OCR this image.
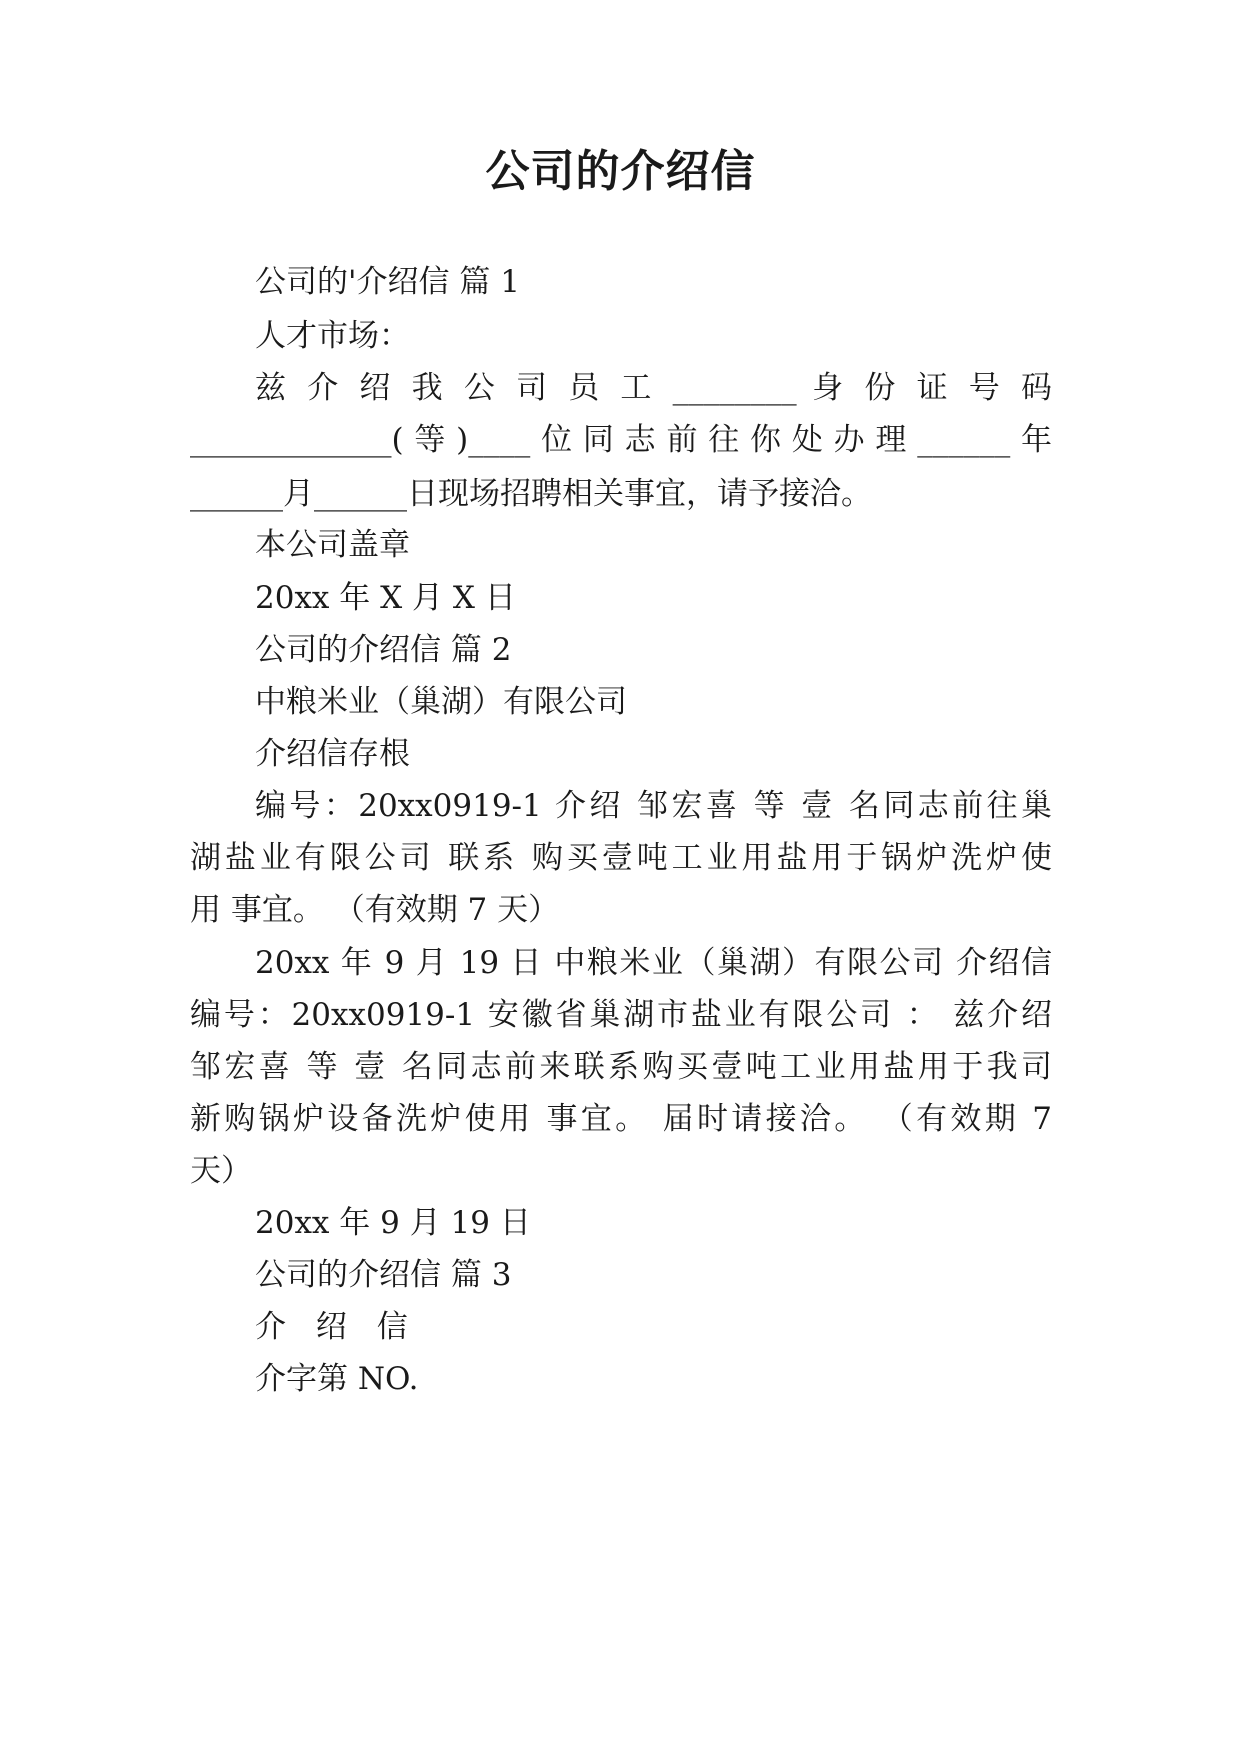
公司的介绍信
公司的'介绍信 篇 1
人才市场：
兹 介 绍 我 公 司 员 工 ________ 身 份 证 号 码
_____________(等)____位同志前往你处办理______年
______月______日现场招聘相关事宜，请予接洽。
本公司盖章
20xx 年 X 月 X 日
公司的介绍信 篇 2
中粮米业（巢湖）有限公司
介绍信存根
编号：20xx0919-1 介绍 邹宏喜 等 壹 名同志前往巢
湖盐业有限公司 联系 购买壹吨工业用盐用于锅炉洗炉使
用 事宜。 （有效期 7 天）
20xx 年 9 月 19 日 中粮米业（巢湖）有限公司 介绍信
编号：20xx0919-1 安徽省巢湖市盐业有限公司 ： 兹介绍
邹宏喜 等 壹 名同志前来联系购买壹吨工业用盐用于我司
新购锅炉设备洗炉使用 事宜。 届时请接洽。 （有效期 7
天）
20xx 年 9 月 19 日
公司的介绍信 篇 3
介 绍 信
介字第 NO.
